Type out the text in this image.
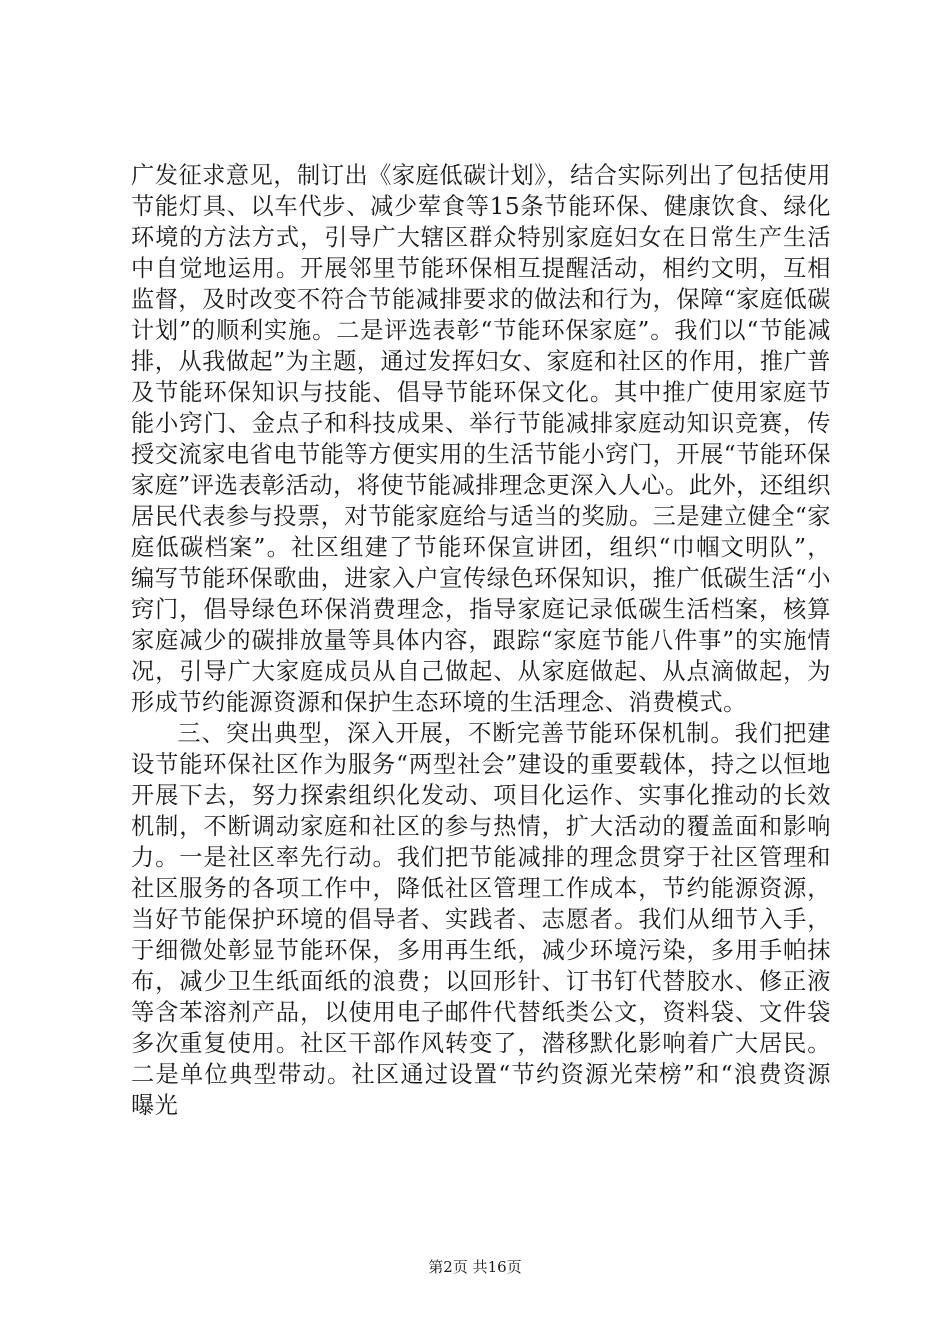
广发征求意见，制订出《家庭低碳计划》，结合实际列出了包括使用节能灯具、以车代步、减少荤食等15条节能环保、健康饮食、绿化环境的方法方式，引导广大辖区群众特别家庭妇女在日常生产生活中自觉地运用。开展邻里节能环保相互提醒活动，相约文明，互相监督，及时改变不符合节能减排要求的做法和行为，保障“家庭低碳计划”的顺利实施。二是评选表彰“节能环保家庭”。我们以“节能减排，从我做起”为主题，通过发挥妇女、家庭和社区的作用，推广普及节能环保知识与技能、倡导节能环保文化。其中推广使用家庭节能小窍门、金点子和科技成果、举行节能减排家庭动知识竞赛，传授交流家电省电节能等方便实用的生活节能小窍门，开展“节能环保家庭”评选表彰活动，将使节能减排理念更深入人心。此外，还组织居民代表参与投票，对节能家庭给与适当的奖励。三是建立健全“家庭低碳档案”。社区组建了节能环保宣讲团，组织“巾帼文明队”，编写节能环保歌曲，进家入户宣传绿色环保知识，推广低碳生活“小窍门，倡导绿色环保消费理念，指导家庭记录低碳生活档案，核算家庭减少的碳排放量等具体内容，跟踪“家庭节能八件事”的实施情况，引导广大家庭成员从自己做起、从家庭做起、从点滴做起，为形成节约能源资源和保护生态环境的生活理念、消费模式。

三、突出典型，深入开展，不断完善节能环保机制。我们把建设节能环保社区作为服务“两型社会”建设的重要载体，持之以恒地开展下去，努力探索组织化发动、项目化运作、实事化推动的长效机制，不断调动家庭和社区的参与热情，扩大活动的覆盖面和影响力。一是社区率先行动。我们把节能减排的理念贯穿于社区管理和社区服务的各项工作中，降低社区管理工作成本，节约能源资源，当好节能保护环境的倡导者、实践者、志愿者。我们从细节入手，于细微处彰显节能环保，多用再生纸，减少环境污染，多用手帕抹布，减少卫生纸面纸的浪费；以回形针、订书钉代替胶水、修正液等含苯溶剂产品，以使用电子邮件代替纸类公文，资料袋、文件袋多次重复使用。社区干部作风转变了，潜移默化影响着广大居民。二是单位典型带动。社区通过设置“节约资源光荣榜”和“浪费资源曝光

第2页 共16页
